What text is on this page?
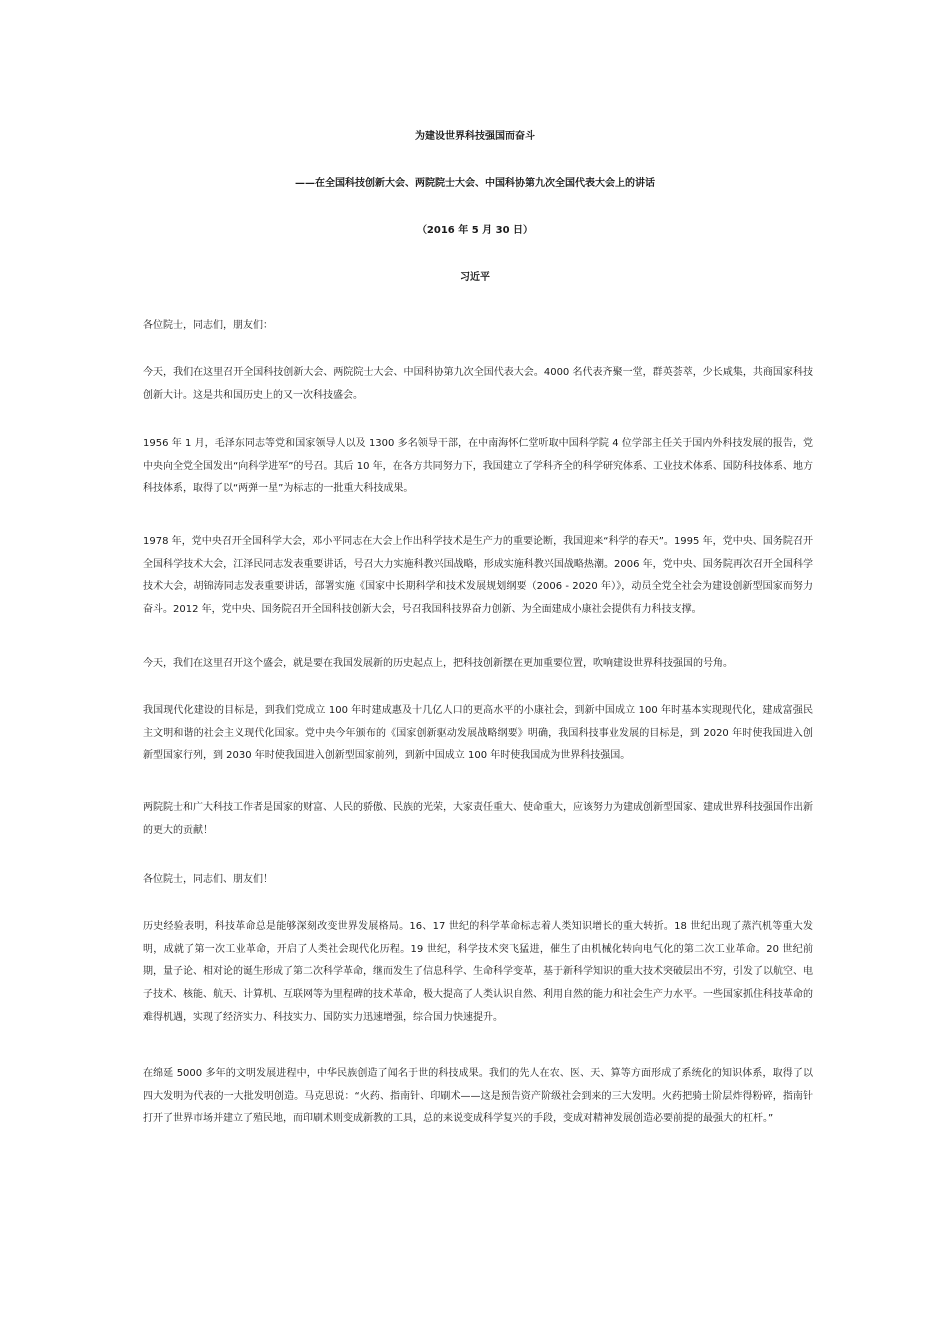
为建设世界科技强国而奋斗

——在全国科技创新大会、两院院士大会、中国科协第九次全国代表大会上的讲话

（2016 年 5 月 30 日）

习近平

各位院士，同志们，朋友们：

今天，我们在这里召开全国科技创新大会、两院院士大会、中国科协第九次全国代表大会。4000 名代表齐聚一堂，群英荟萃，少长咸集，共商国家科技创新大计。这是共和国历史上的又一次科技盛会。

1956 年 1 月，毛泽东同志等党和国家领导人以及 1300 多名领导干部，在中南海怀仁堂听取中国科学院 4 位学部主任关于国内外科技发展的报告，党中央向全党全国发出“向科学进军”的号召。其后 10 年，在各方共同努力下，我国建立了学科齐全的科学研究体系、工业技术体系、国防科技体系、地方科技体系，取得了以“两弹一星”为标志的一批重大科技成果。

1978 年，党中央召开全国科学大会，邓小平同志在大会上作出科学技术是生产力的重要论断，我国迎来“科学的春天”。1995 年，党中央、国务院召开全国科学技术大会，江泽民同志发表重要讲话，号召大力实施科教兴国战略，形成实施科教兴国战略热潮。2006 年，党中央、国务院再次召开全国科学技术大会，胡锦涛同志发表重要讲话，部署实施《国家中长期科学和技术发展规划纲要（2006 - 2020 年）》，动员全党全社会为建设创新型国家而努力奋斗。2012 年，党中央、国务院召开全国科技创新大会，号召我国科技界奋力创新、为全面建成小康社会提供有力科技支撑。

今天，我们在这里召开这个盛会，就是要在我国发展新的历史起点上，把科技创新摆在更加重要位置，吹响建设世界科技强国的号角。

我国现代化建设的目标是，到我们党成立 100 年时建成惠及十几亿人口的更高水平的小康社会，到新中国成立 100 年时基本实现现代化，建成富强民主文明和谐的社会主义现代化国家。党中央今年颁布的《国家创新驱动发展战略纲要》明确，我国科技事业发展的目标是，到 2020 年时使我国进入创新型国家行列，到 2030 年时使我国进入创新型国家前列，到新中国成立 100 年时使我国成为世界科技强国。

两院院士和广大科技工作者是国家的财富、人民的骄傲、民族的光荣，大家责任重大、使命重大，应该努力为建成创新型国家、建成世界科技强国作出新的更大的贡献！

各位院士，同志们、朋友们！

历史经验表明，科技革命总是能够深刻改变世界发展格局。16、17 世纪的科学革命标志着人类知识增长的重大转折。18 世纪出现了蒸汽机等重大发明，成就了第一次工业革命，开启了人类社会现代化历程。19 世纪，科学技术突飞猛进，催生了由机械化转向电气化的第二次工业革命。20 世纪前期，量子论、相对论的诞生形成了第二次科学革命，继而发生了信息科学、生命科学变革，基于新科学知识的重大技术突破层出不穷，引发了以航空、电子技术、核能、航天、计算机、互联网等为里程碑的技术革命，极大提高了人类认识自然、利用自然的能力和社会生产力水平。一些国家抓住科技革命的难得机遇，实现了经济实力、科技实力、国防实力迅速增强，综合国力快速提升。

在绵延 5000 多年的文明发展进程中，中华民族创造了闻名于世的科技成果。我们的先人在农、医、天、算等方面形成了系统化的知识体系，取得了以四大发明为代表的一大批发明创造。马克思说：“火药、指南针、印刷术——这是预告资产阶级社会到来的三大发明。火药把骑士阶层炸得粉碎，指南针打开了世界市场并建立了殖民地，而印刷术则变成新教的工具，总的来说变成科学复兴的手段，变成对精神发展创造必要前提的最强大的杠杆。”
